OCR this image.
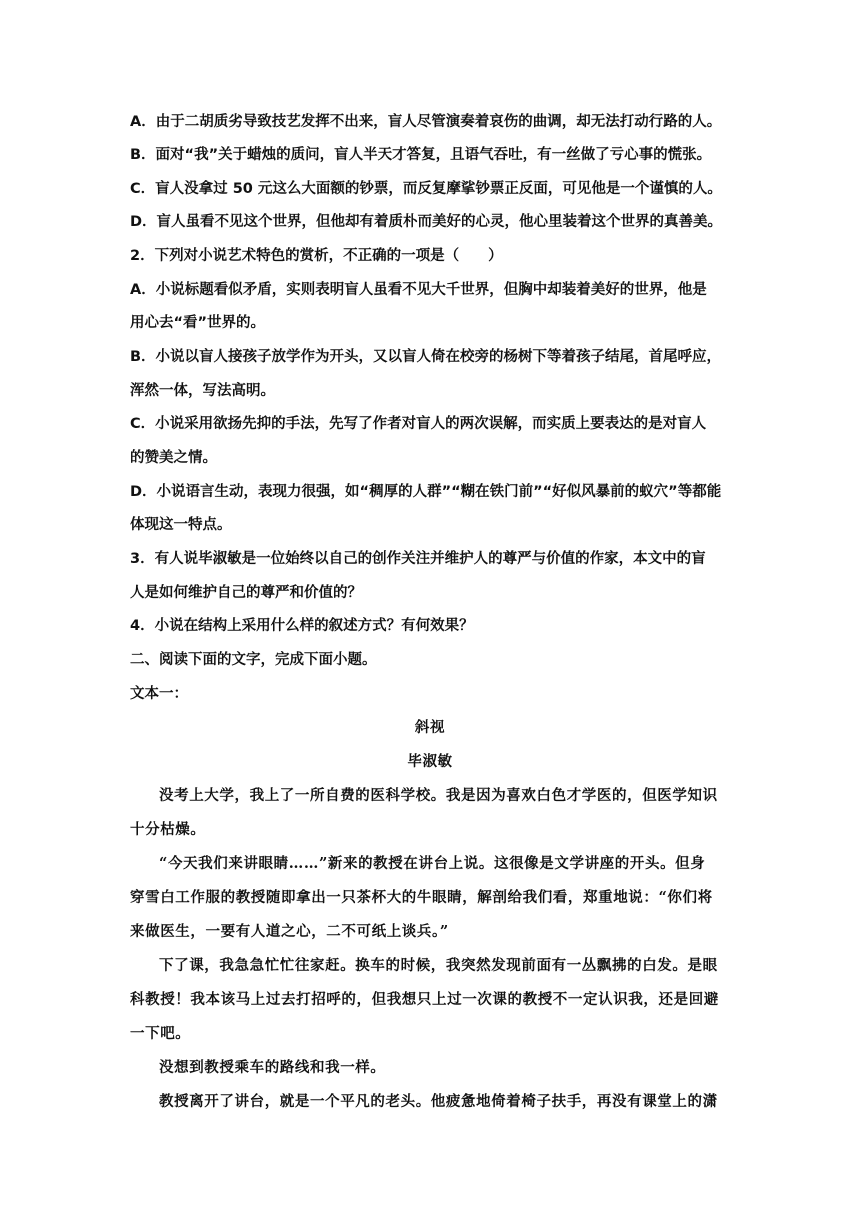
A．由于二胡质劣导致技艺发挥不出来，盲人尽管演奏着哀伤的曲调，却无法打动行路的人。
B．面对“我”关于蜡烛的质问，盲人半天才答复，且语气吞吐，有一丝做了亏心事的慌张。
C．盲人没拿过 50 元这么大面额的钞票，而反复摩挲钞票正反面，可见他是一个谨慎的人。
D．盲人虽看不见这个世界，但他却有着质朴而美好的心灵，他心里装着这个世界的真善美。
2．下列对小说艺术特色的赏析，不正确的一项是（　　）
A．小说标题看似矛盾，实则表明盲人虽看不见大千世界，但胸中却装着美好的世界，他是
用心去“看”世界的。
B．小说以盲人接孩子放学作为开头，又以盲人倚在校旁的杨树下等着孩子结尾，首尾呼应，
浑然一体，写法高明。
C．小说采用欲扬先抑的手法，先写了作者对盲人的两次误解，而实质上要表达的是对盲人
的赞美之情。
D．小说语言生动，表现力很强，如“稠厚的人群”“糊在铁门前”“好似风暴前的蚁穴”等都能
体现这一特点。
3．有人说毕淑敏是一位始终以自己的创作关注并维护人的尊严与价值的作家，本文中的盲
人是如何维护自己的尊严和价值的？
4．小说在结构上采用什么样的叙述方式？有何效果？
二、阅读下面的文字，完成下面小题。
文本一：
斜视
毕淑敏
没考上大学，我上了一所自费的医科学校。我是因为喜欢白色才学医的，但医学知识
十分枯燥。
“今天我们来讲眼睛……”新来的教授在讲台上说。这很像是文学讲座的开头。但身
穿雪白工作服的教授随即拿出一只茶杯大的牛眼睛，解剖给我们看，郑重地说：“你们将
来做医生，一要有人道之心，二不可纸上谈兵。”
下了课，我急急忙忙往家赶。换车的时候，我突然发现前面有一丛飘拂的白发。是眼
科教授！我本该马上过去打招呼的，但我想只上过一次课的教授不一定认识我，还是回避
一下吧。
没想到教授乘车的路线和我一样。
教授离开了讲台，就是一个平凡的老头。他疲惫地倚着椅子扶手，再没有课堂上的潇
